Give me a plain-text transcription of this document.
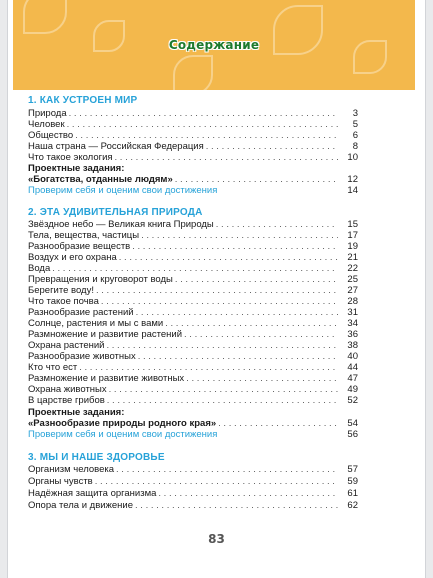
Содержание
1. КАК УСТРОЕН МИР
Природа . . .	3
Человек . . .	5
Общество . . .	6
Наша страна — Российская Федерация . . .	8
Что такое экология . . .	10
Проектные задания:
«Богатства, отданные людям» . . .	12
Проверим себя и оценим свои достижения	14
2. ЭТА УДИВИТЕЛЬНАЯ ПРИРОДА
Звёздное небо — Великая книга Природы . . .	15
Тела, вещества, частицы . . .	17
Разнообразие веществ . . .	19
Воздух и его охрана . . .	21
Вода . . .	22
Превращения и круговорот воды . . .	25
Берегите воду! . . .	27
Что такое почва . . .	28
Разнообразие растений . . .	31
Солнце, растения и мы с вами . . .	34
Размножение и развитие растений . . .	36
Охрана растений . . .	38
Разнообразие животных . . .	40
Кто что ест . . .	44
Размножение и развитие животных . . .	47
Охрана животных . . .	49
В царстве грибов . . .	52
Проектные задания:
«Разнообразие природы родного края» . . .	54
Проверим себя и оценим свои достижения	56
3. МЫ И НАШЕ ЗДОРОВЬЕ
Организм человека . . .	57
Органы чувств . . .	59
Надёжная защита организма . . .	61
Опора тела и движение . . .	62
83
